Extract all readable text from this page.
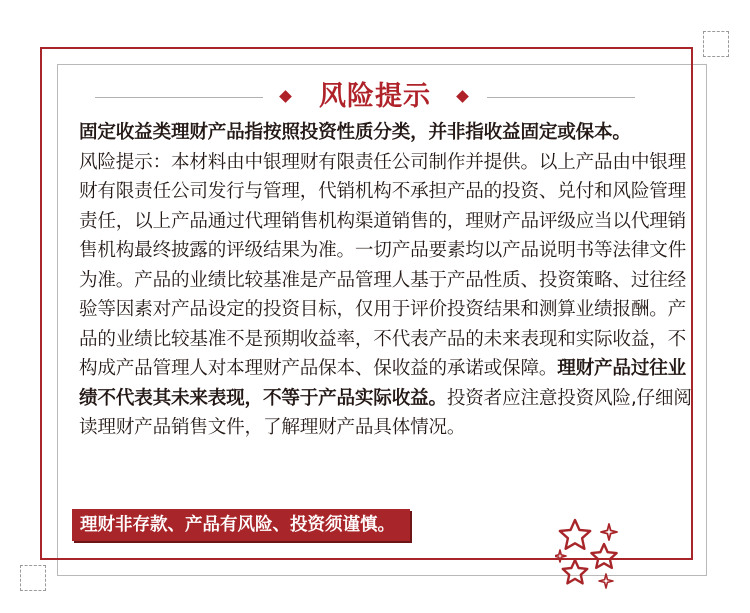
风险提示

固定收益类理财产品指按照投资性质分类，并非指收益固定或保本。

风险提示：本材料由中银理财有限责任公司制作并提供。以上产品由中银理财有限责任公司发行与管理，代销机构不承担产品的投资、兑付和风险管理责任，以上产品通过代理销售机构渠道销售的，理财产品评级应当以代理销售机构最终披露的评级结果为准。一切产品要素均以产品说明书等法律文件为准。产品的业绩比较基准是产品管理人基于产品性质、投资策略、过往经验等因素对产品设定的投资目标，仅用于评价投资结果和测算业绩报酬。产品的业绩比较基准不是预期收益率，不代表产品的未来表现和实际收益，不构成产品管理人对本理财产品保本、保收益的承诺或保障。理财产品过往业绩不代表其未来表现，不等于产品实际收益。投资者应注意投资风险,仔细阅读理财产品销售文件，了解理财产品具体情况。

理财非存款、产品有风险、投资须谨慎。
